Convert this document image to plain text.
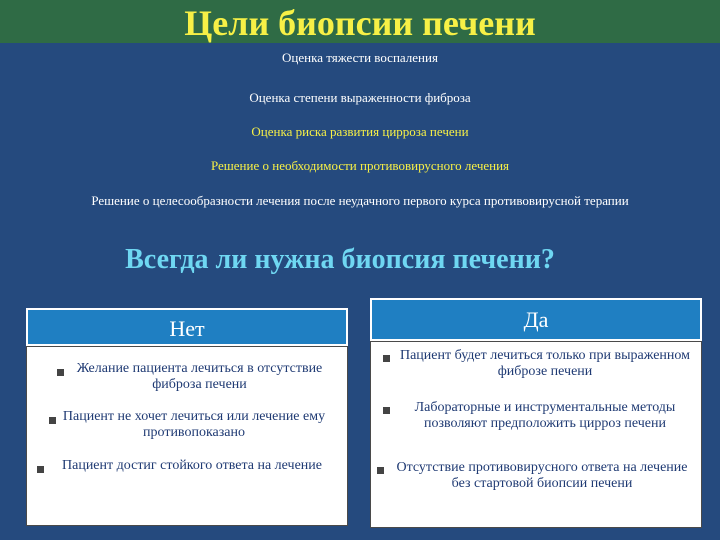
Цели биопсии печени
Оценка тяжести воспаления
Оценка степени выраженности фиброза
Оценка риска развития цирроза печени
Решение о необходимости противовирусного лечения
Решение о целесообразности лечения после неудачного первого курса противовирусной терапии
Всегда ли нужна биопсия печени?
Нет
Желание пациента лечиться в отсутствие фиброза печени
Пациент не хочет лечиться или лечение ему противопоказано
Пациент достиг стойкого ответа на лечение
Да
Пациент будет лечиться только при выраженном фиброзе печени
Лабораторные и инструментальные методы позволяют предположить цирроз печени
Отсутствие противовирусного ответа на лечение без стартовой биопсии печени
